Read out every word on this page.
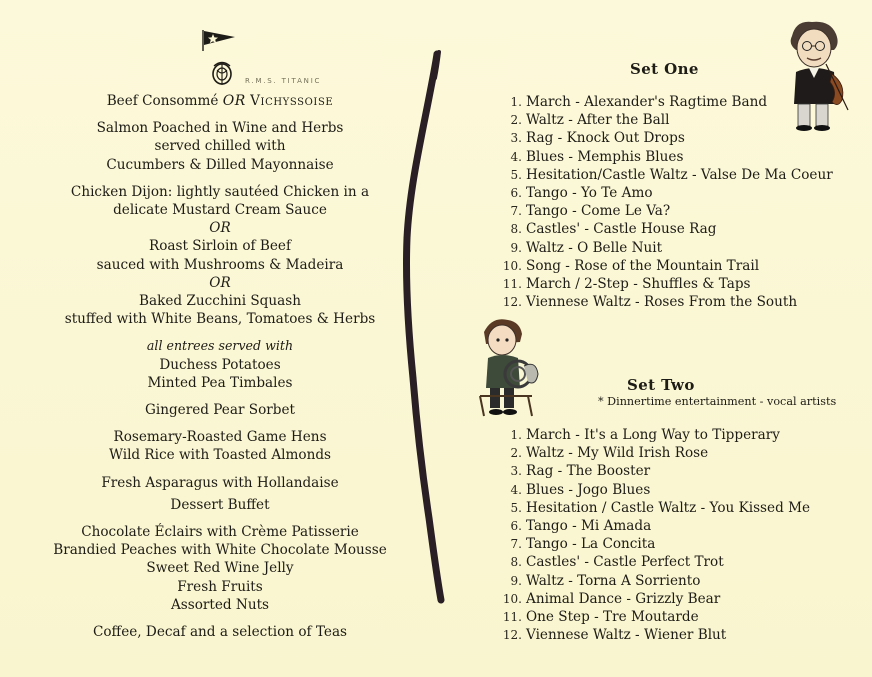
R.M.S. TITANIC
Beef Consommé OR Vichyssoise
Salmon Poached in Wine and Herbs
served chilled with
Cucumbers & Dilled Mayonnaise
Chicken Dijon: lightly sautéed Chicken in a
delicate Mustard Cream Sauce
OR
Roast Sirloin of Beef
sauced with Mushrooms & Madeira
OR
Baked Zucchini Squash
stuffed with White Beans, Tomatoes & Herbs
all entrees served with
Duchess Potatoes
Minted Pea Timbales
Gingered Pear Sorbet
Rosemary-Roasted Game Hens
Wild Rice with Toasted Almonds
Fresh Asparagus with Hollandaise
Dessert Buffet
Chocolate Éclairs with Crème Patisserie
Brandied Peaches with White Chocolate Mousse
Sweet Red Wine Jelly
Fresh Fruits
Assorted Nuts
Coffee, Decaf and a selection of Teas
Set One
1 . March - Alexander's Ragtime Band
2 . Waltz - After the Ball
3 . Rag - Knock Out Drops
4 . Blues - Memphis Blues
5 . Hesitation/Castle Waltz - Valse De Ma Coeur
6 . Tango - Yo Te Amo
7 . Tango - Come Le Va?
8 . Castles' - Castle House Rag
9 . Waltz - O Belle Nuit
10 . Song - Rose of the Mountain Trail
11 . March / 2-Step - Shuffles & Taps
12 . Viennese Waltz - Roses From the South
Set Two
* Dinnertime entertainment - vocal artists
1 . March - It's a Long Way to Tipperary
2 . Waltz - My Wild Irish Rose
3 . Rag - The Booster
4 . Blues - Jogo Blues
5 . Hesitation / Castle Waltz - You Kissed Me
6 . Tango - Mi Amada
7 . Tango - La Concita
8 . Castles' - Castle Perfect Trot
9 . Waltz - Torna A Sorriento
10 . Animal Dance - Grizzly Bear
11 . One Step - Tre Moutarde
12 . Viennese Waltz - Wiener Blut
